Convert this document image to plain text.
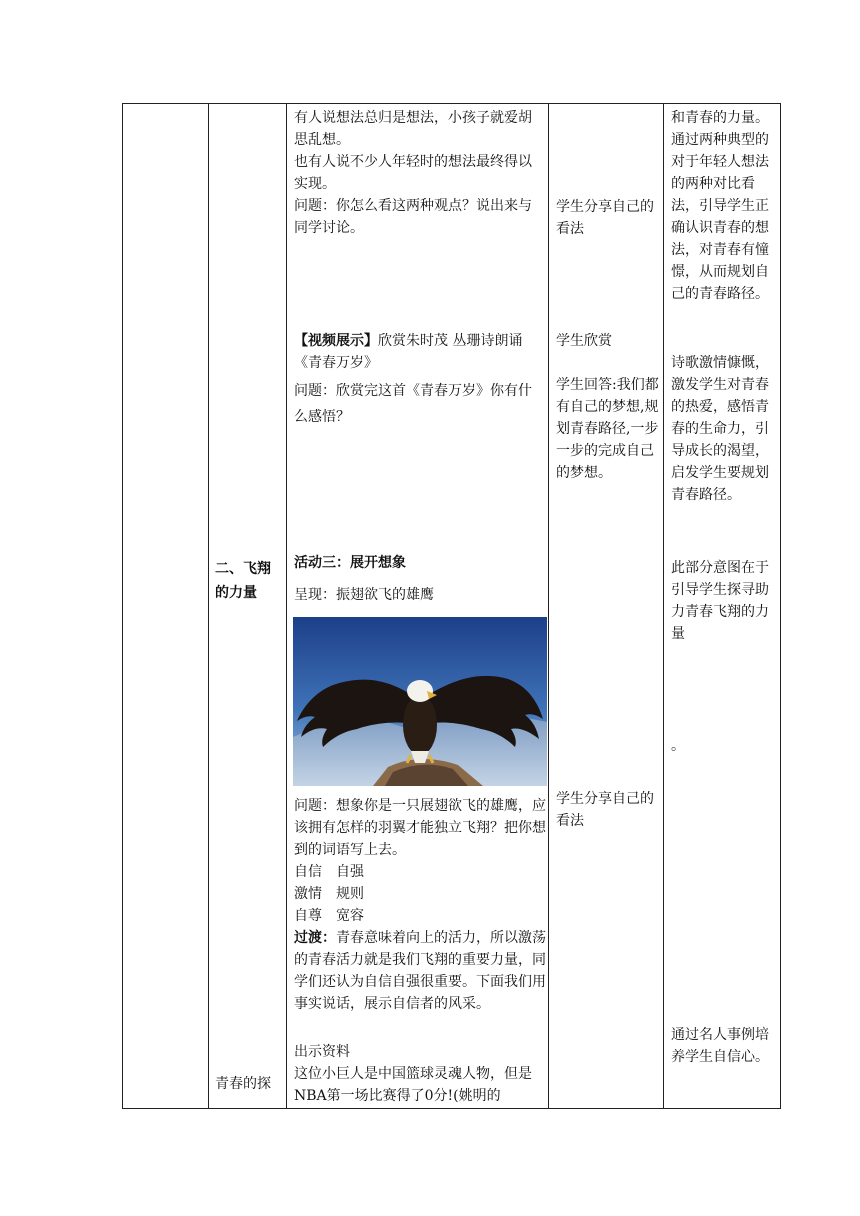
二、飞翔的力量
青春的探

有人说想法总归是想法，小孩子就爱胡思乱想。

也有人说不少人年轻时的想法最终得以实现。

问题：你怎么看这两种观点？说出来与同学讨论。

【视频展示】欣赏朱时茂 丛珊诗朗诵《青春万岁》

问题：欣赏完这首《青春万岁》你有什么感悟？

活动三：展开想象
呈现：振翅欲飞的雄鹰
问题：想象你是一只展翅欲飞的雄鹰，应该拥有怎样的羽翼才能独立飞翔？把你想到的词语写上去。

自信　自强

激情　规则

自尊　宽容

过渡：青春意味着向上的活力，所以激荡的青春活力就是我们飞翔的重要力量，同学们还认为自信自强很重要。下面我们用事实说话，展示自信者的风采。
出示资料
这位小巨人是中国篮球灵魂人物，但是NBA第一场比赛得了0分!(姚明的
学生分享自己的看法
学生欣赏
学生回答:我们都有自己的梦想,规划青春路径,一步一步的完成自己的梦想。
学生分享自己的看法
和青春的力量。通过两种典型的对于年轻人想法的两种对比看法，引导学生正确认识青春的想法，对青春有憧憬，从而规划自己的青春路径。
诗歌激情慷慨，激发学生对青春的热爱，感悟青春的生命力，引导成长的渴望，启发学生要规划青春路径。
此部分意图在于引导学生探寻助力青春飞翔的力量
。
通过名人事例培养学生自信心。
